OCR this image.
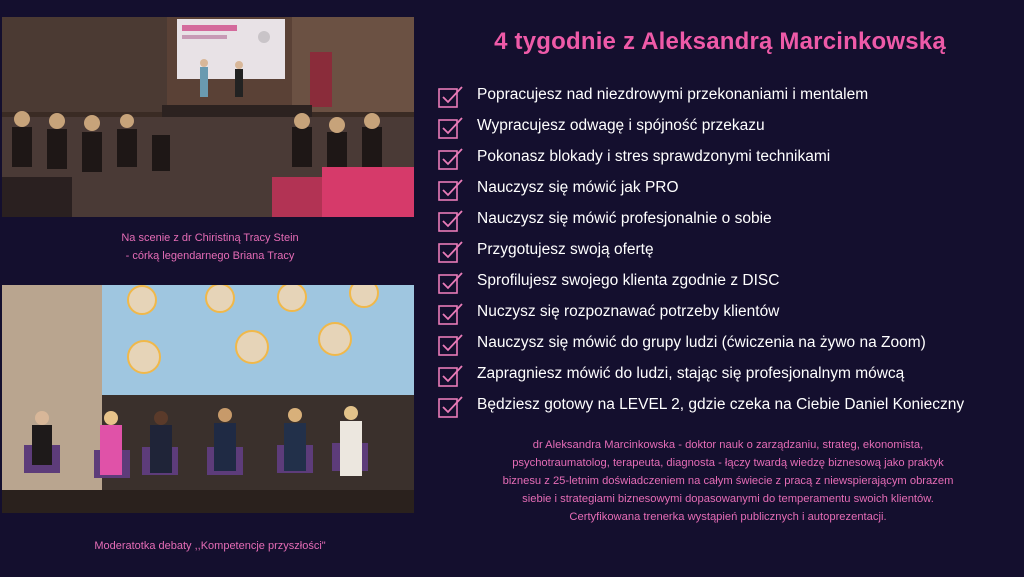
Na scenie z dr Chiristiną Tracy Stein
- córką legendarnego Briana Tracy
Moderatotka debaty ,,Kompetencje przyszłości"
4 tygodnie z Aleksandrą Marcinkowską
Popracujesz nad niezdrowymi przekonaniami i mentalem
Wypracujesz odwagę i spójność przekazu
Pokonasz blokady i stres sprawdzonymi technikami
Nauczysz się mówić jak PRO
Nauczysz się mówić profesjonalnie o sobie
Przygotujesz swoją ofertę
Sprofilujesz swojego klienta zgodnie z DISC
Nuczysz się rozpoznawać potrzeby klientów
Nauczysz się mówić do grupy ludzi (ćwiczenia na żywo na Zoom)
Zapragniesz mówić do ludzi, stając się profesjonalnym mówcą
Będziesz gotowy na LEVEL 2, gdzie czeka na Ciebie Daniel Konieczny
dr Aleksandra Marcinkowska - doktor nauk o zarządzaniu, strateg, ekonomista,
psychotraumatolog, terapeuta, diagnosta - łączy twardą wiedzę biznesową jako praktyk
biznesu z 25-letnim doświadczeniem na całym świecie z pracą z niewspierającym obrazem
siebie i strategiami biznesowymi dopasowanymi do temperamentu swoich klientów.
Certyfikowana trenerka wystąpień publicznych i autoprezentacji.
